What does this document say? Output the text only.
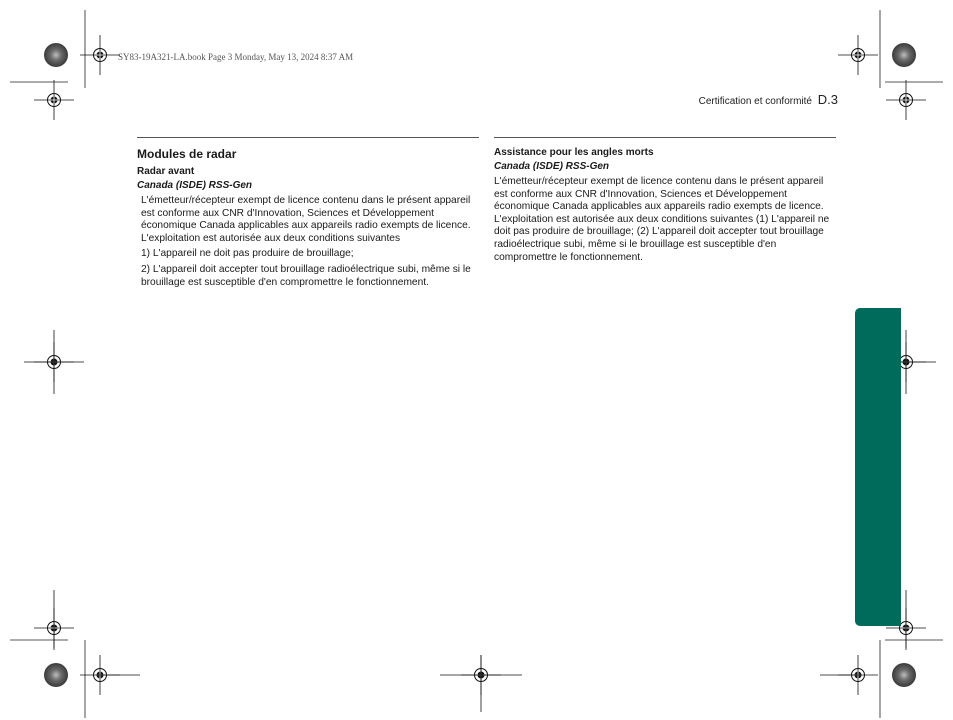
SY83-19A321-LA.book Page 3 Monday, May 13, 2024 8:37 AM
Certification et conformité D.3
Modules de radar
Radar avant

Canada (ISDE) RSS-Gen

L'émetteur/récepteur exempt de licence contenu dans le présent appareil est conforme aux CNR d'Innovation, Sciences et Développement économique Canada applicables aux appareils radio exempts de licence. L'exploitation est autorisée aux deux conditions suivantes

1) L'appareil ne doit pas produire de brouillage;

2) L'appareil doit accepter tout brouillage radioélectrique subi, même si le brouillage est susceptible d'en compromettre le fonctionnement.

Assistance pour les angles morts

Canada (ISDE) RSS-Gen

L'émetteur/récepteur exempt de licence contenu dans le présent appareil est conforme aux CNR d'Innovation, Sciences et Développement économique Canada applicables aux appareils radio exempts de licence. L'exploitation est autorisée aux deux conditions suivantes (1) L'appareil ne doit pas produire de brouillage; (2) L'appareil doit accepter tout brouillage radioélectrique subi, même si le brouillage est susceptible d'en compromettre le fonctionnement.
